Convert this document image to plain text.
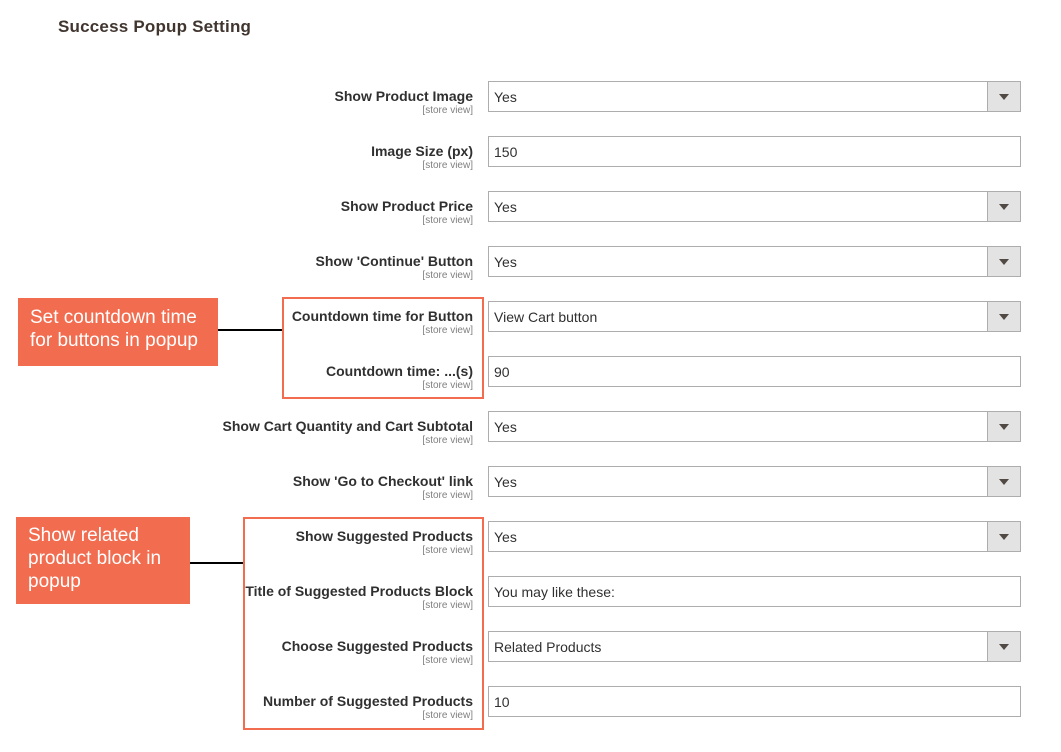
Success Popup Setting
Show Product Image
[store view]
Yes
Image Size (px)
[store view]
150
Show Product Price
[store view]
Yes
Show 'Continue' Button
[store view]
Yes
Countdown time for Button
[store view]
View Cart button
Countdown time: ...(s)
[store view]
90
Show Cart Quantity and Cart Subtotal
[store view]
Yes
Show 'Go to Checkout' link
[store view]
Yes
Show Suggested Products
[store view]
Yes
Title of Suggested Products Block
[store view]
You may like these:
Choose Suggested Products
[store view]
Related Products
Number of Suggested Products
[store view]
10
Set countdown time
for buttons in popup
Show related
product block in
popup
